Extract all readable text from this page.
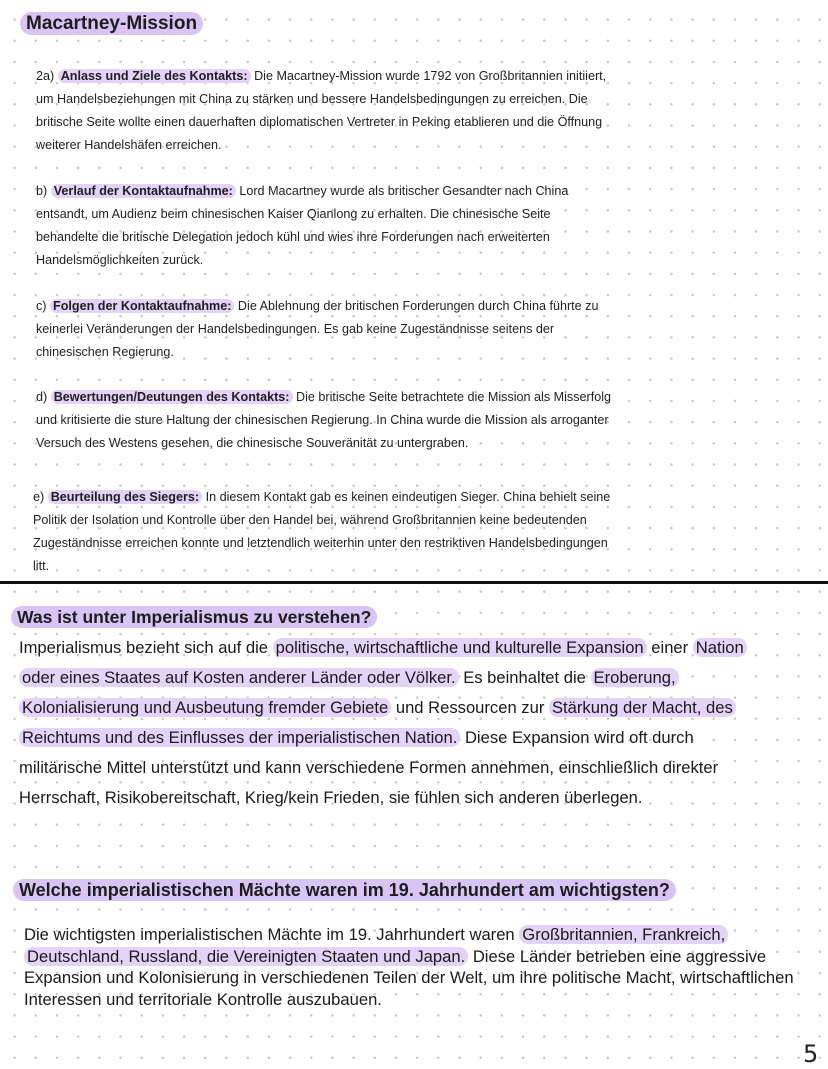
Macartney-Mission

2a) Anlass und Ziele des Kontakts: Die Macartney-Mission wurde 1792 von Großbritannien initiiert, um Handelsbeziehungen mit China zu stärken und bessere Handelsbedingungen zu erreichen. Die britische Seite wollte einen dauerhaften diplomatischen Vertreter in Peking etablieren und die Öffnung weiterer Handelshäfen erreichen.

b) Verlauf der Kontaktaufnahme: Lord Macartney wurde als britischer Gesandter nach China entsandt, um Audienz beim chinesischen Kaiser Qianlong zu erhalten. Die chinesische Seite behandelte die britische Delegation jedoch kühl und wies ihre Forderungen nach erweiterten Handelsmöglichkeiten zurück.

c) Folgen der Kontaktaufnahme: Die Ablehnung der britischen Forderungen durch China führte zu keinerlei Veränderungen der Handelsbedingungen. Es gab keine Zugeständnisse seitens der chinesischen Regierung.

d) Bewertungen/Deutungen des Kontakts: Die britische Seite betrachtete die Mission als Misserfolg und kritisierte die sture Haltung der chinesischen Regierung. In China wurde die Mission als arroganter Versuch des Westens gesehen, die chinesische Souveränität zu untergraben.

e) Beurteilung des Siegers: In diesem Kontakt gab es keinen eindeutigen Sieger. China behielt seine Politik der Isolation und Kontrolle über den Handel bei, während Großbritannien keine bedeutenden Zugeständnisse erreichen konnte und letztendlich weiterhin unter den restriktiven Handelsbedingungen litt.

Was ist unter Imperialismus zu verstehen?

Imperialismus bezieht sich auf die politische, wirtschaftliche und kulturelle Expansion einer Nation oder eines Staates auf Kosten anderer Länder oder Völker. Es beinhaltet die Eroberung, Kolonialisierung und Ausbeutung fremder Gebiete und Ressourcen zur Stärkung der Macht, des Reichtums und des Einflusses der imperialistischen Nation. Diese Expansion wird oft durch militärische Mittel unterstützt und kann verschiedene Formen annehmen, einschließlich direkter Herrschaft, Risikobereitschaft, Krieg/kein Frieden, sie fühlen sich anderen überlegen.

Welche imperialistischen Mächte waren im 19. Jahrhundert am wichtigsten?

Die wichtigsten imperialistischen Mächte im 19. Jahrhundert waren Großbritannien, Frankreich, Deutschland, Russland, die Vereinigten Staaten und Japan. Diese Länder betrieben eine aggressive Expansion und Kolonisierung in verschiedenen Teilen der Welt, um ihre politische Macht, wirtschaftlichen Interessen und territoriale Kontrolle auszubauen.

5
